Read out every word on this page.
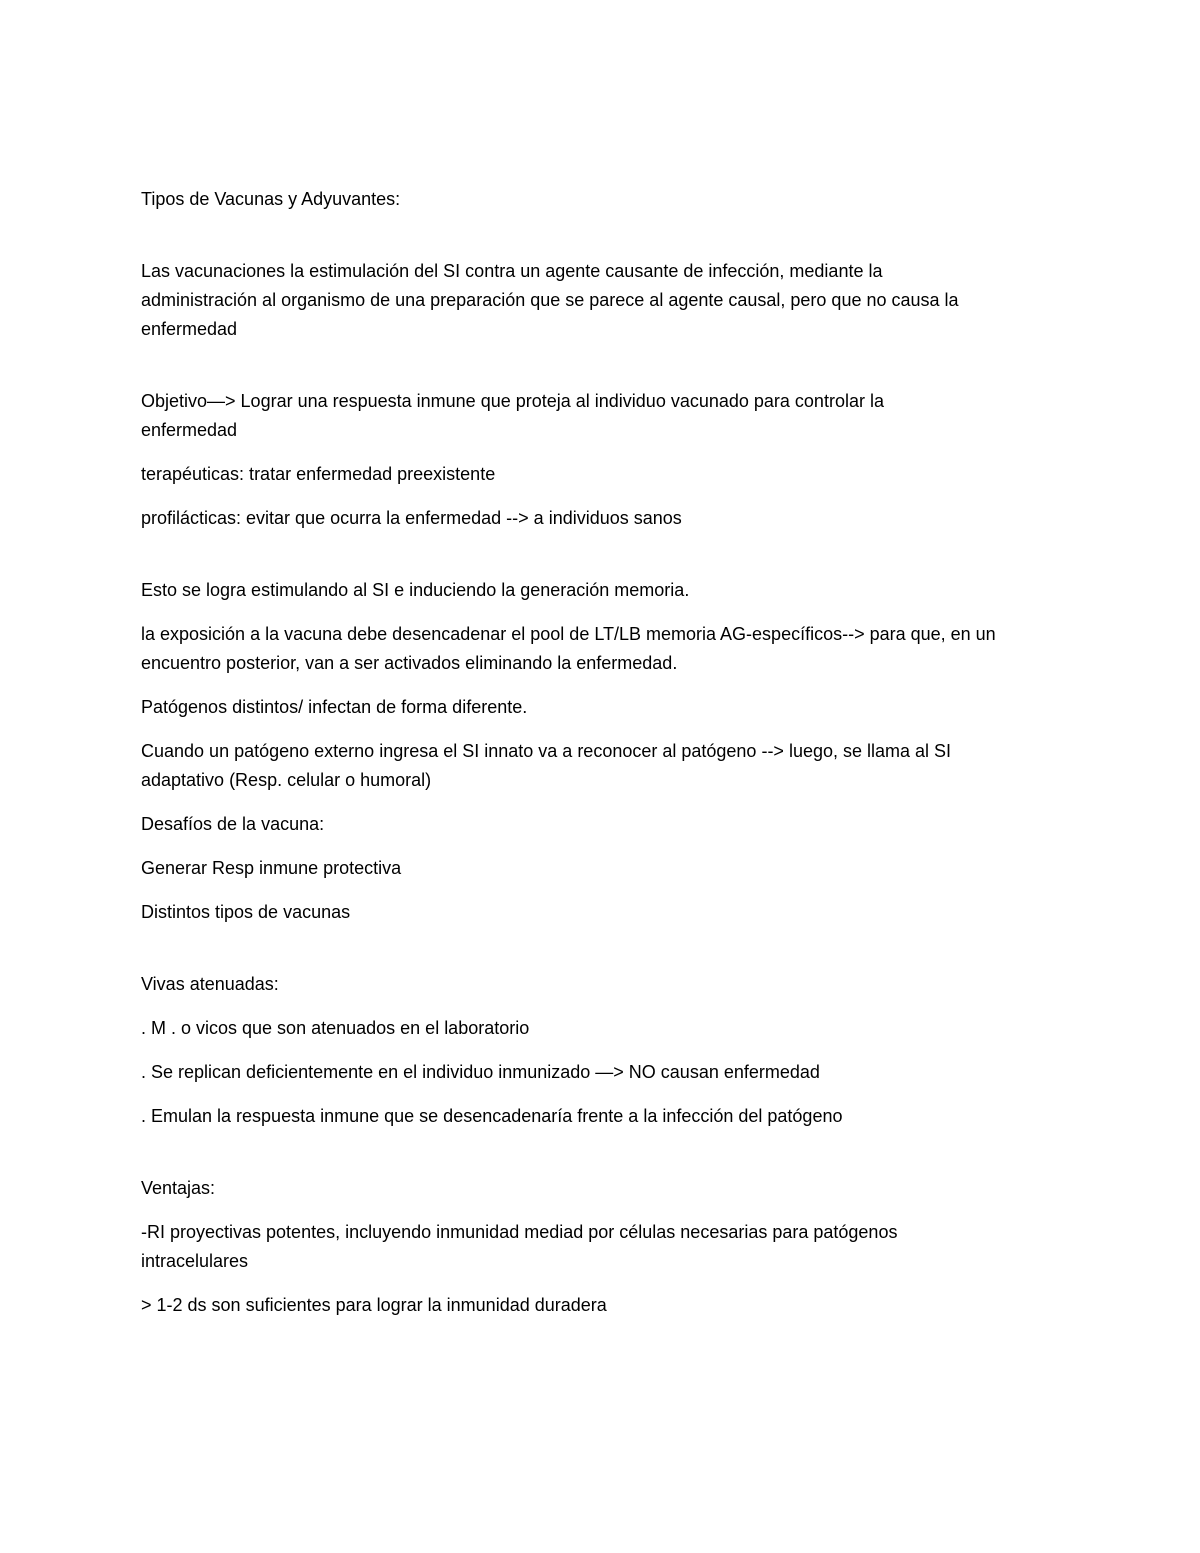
Tipos de Vacunas y Adyuvantes:

Las vacunaciones la estimulación del SI contra un agente causante de infección, mediante la
administración al organismo de una preparación que se parece al agente causal, pero que no causa la
enfermedad

Objetivo—> Lograr una respuesta inmune que proteja al individuo vacunado para controlar la
enfermedad

terapéuticas: tratar enfermedad preexistente

profilácticas: evitar que ocurra la enfermedad --> a individuos sanos

Esto se logra estimulando al SI e induciendo la generación memoria.

la exposición a la vacuna debe desencadenar el pool de LT/LB memoria AG-específicos--> para que, en un
encuentro posterior, van a ser activados eliminando la enfermedad.

Patógenos distintos/ infectan de forma diferente.

Cuando un patógeno externo ingresa el SI innato va a reconocer al patógeno --> luego, se llama al SI
adaptativo (Resp. celular o humoral)

Desafíos de la vacuna:

Generar Resp inmune protectiva

Distintos tipos de vacunas

Vivas atenuadas:

. M . o vicos que son atenuados en el laboratorio

. Se replican deficientemente en el individuo inmunizado —> NO causan enfermedad

. Emulan la respuesta inmune que se desencadenaría frente a la infección del patógeno

Ventajas:

-RI proyectivas potentes, incluyendo inmunidad mediad por células necesarias para patógenos
intracelulares

> 1-2 ds son suficientes para lograr la inmunidad duradera
